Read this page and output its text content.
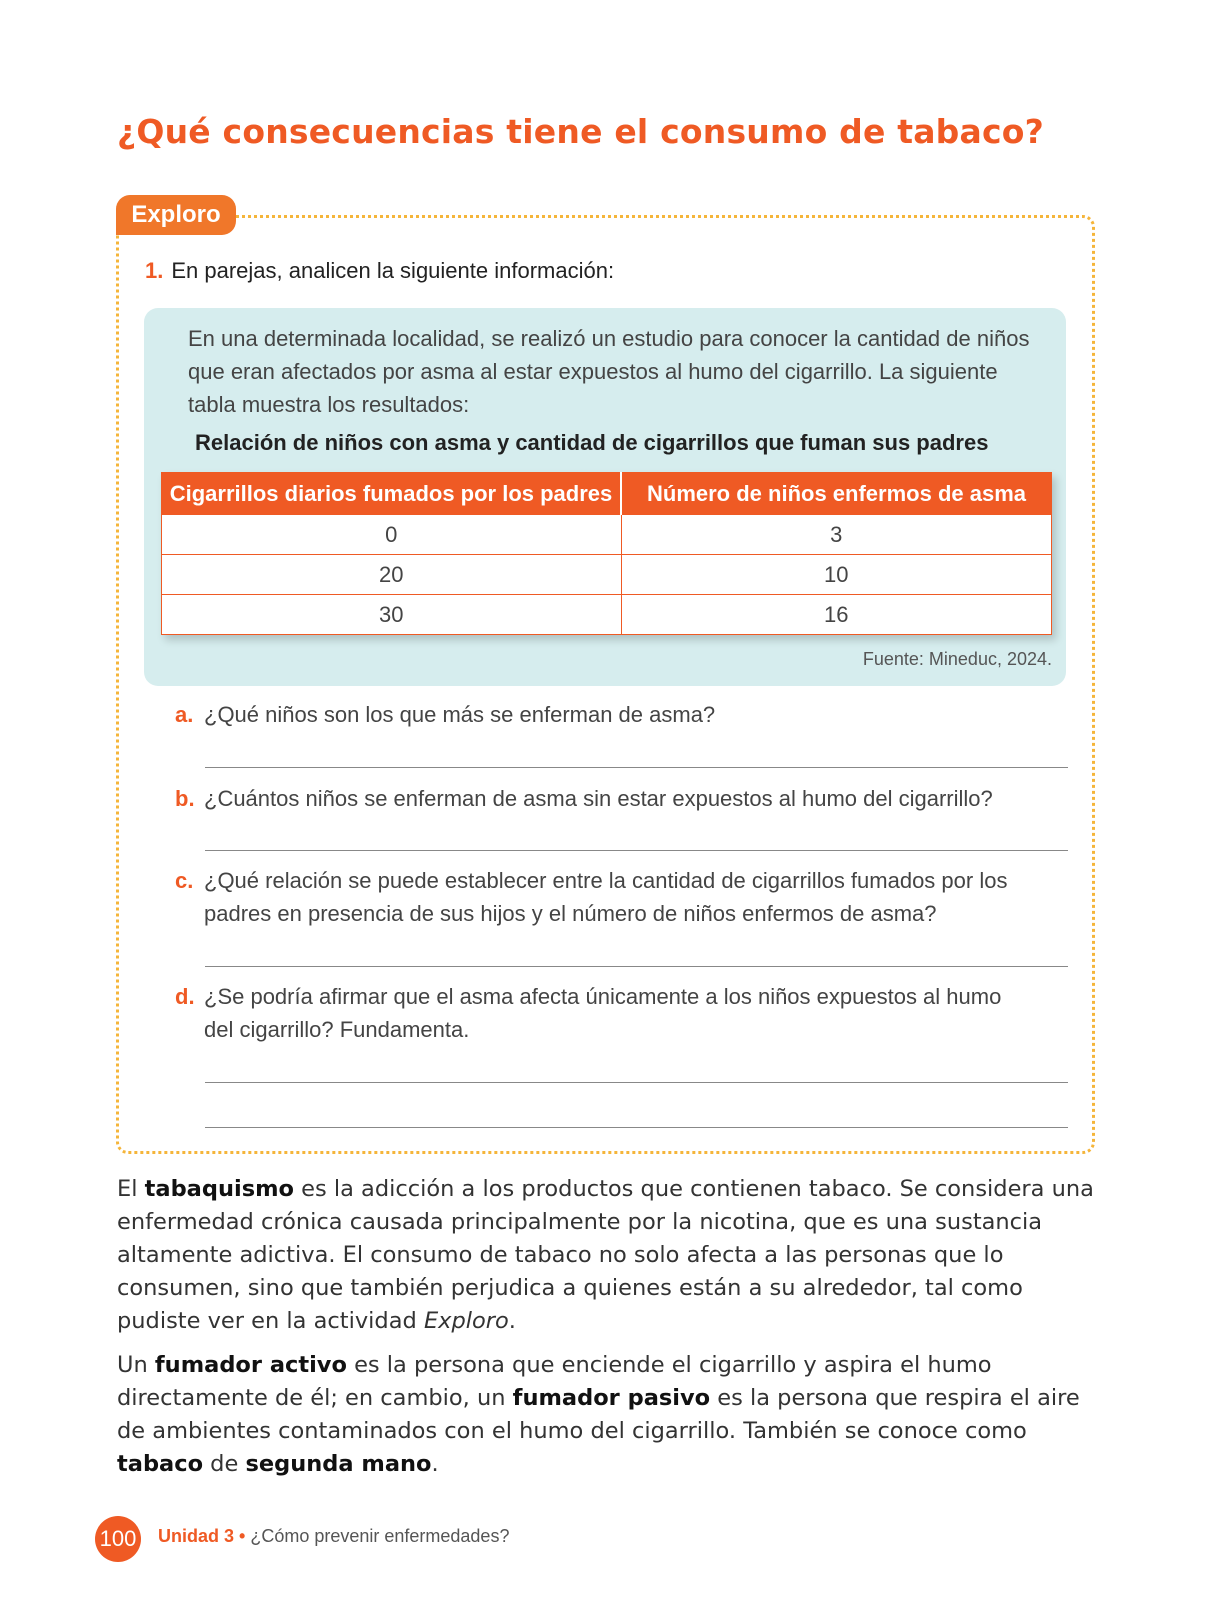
¿Qué consecuencias tiene el consumo de tabaco?
Exploro
1. En parejas, analicen la siguiente información:
En una determinada localidad, se realizó un estudio para conocer la cantidad de niños que eran afectados por asma al estar expuestos al humo del cigarrillo. La siguiente tabla muestra los resultados:
Relación de niños con asma y cantidad de cigarrillos que fuman sus padres
Cigarrillos diarios fumados por los padres	Número de niños enfermos de asma
0	3
20	10
30	16
Fuente: Mineduc, 2024.
a. ¿Qué niños son los que más se enferman de asma?
b. ¿Cuántos niños se enferman de asma sin estar expuestos al humo del cigarrillo?
c. ¿Qué relación se puede establecer entre la cantidad de cigarrillos fumados por los padres en presencia de sus hijos y el número de niños enfermos de asma?
d. ¿Se podría afirmar que el asma afecta únicamente a los niños expuestos al humo del cigarrillo? Fundamenta.

El tabaquismo es la adicción a los productos que contienen tabaco. Se considera una enfermedad crónica causada principalmente por la nicotina, que es una sustancia altamente adictiva. El consumo de tabaco no solo afecta a las personas que lo consumen, sino que también perjudica a quienes están a su alrededor, tal como pudiste ver en la actividad Exploro.

Un fumador activo es la persona que enciende el cigarrillo y aspira el humo directamente de él; en cambio, un fumador pasivo es la persona que respira el aire de ambientes contaminados con el humo del cigarrillo. También se conoce como tabaco de segunda mano.

100 Unidad 3 • ¿Cómo prevenir enfermedades?
